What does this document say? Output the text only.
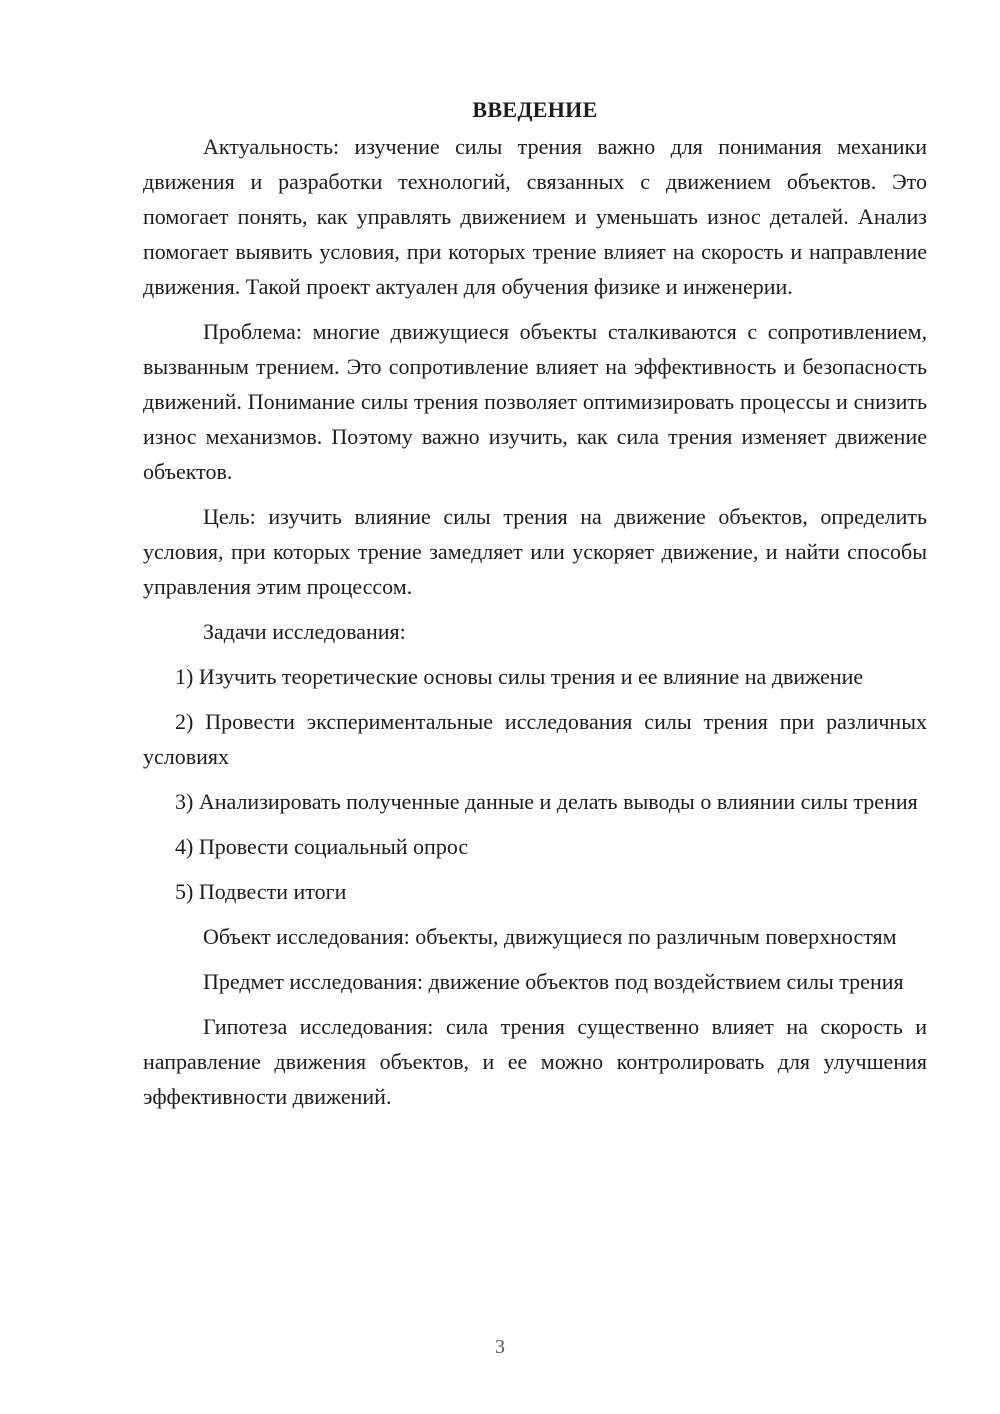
ВВЕДЕНИЕ

Актуальность: изучение силы трения важно для понимания механики движения и разработки технологий, связанных с движением объектов. Это помогает понять, как управлять движением и уменьшать износ деталей. Анализ помогает выявить условия, при которых трение влияет на скорость и направление движения. Такой проект актуален для обучения физике и инженерии.

Проблема: многие движущиеся объекты сталкиваются с сопротивлением, вызванным трением. Это сопротивление влияет на эффективность и безопасность движений. Понимание силы трения позволяет оптимизировать процессы и снизить износ механизмов. Поэтому важно изучить, как сила трения изменяет движение объектов.

Цель: изучить влияние силы трения на движение объектов, определить условия, при которых трение замедляет или ускоряет движение, и найти способы управления этим процессом.

Задачи исследования:

1) Изучить теоретические основы силы трения и ее влияние на движение

2) Провести экспериментальные исследования силы трения при различных условиях

3) Анализировать полученные данные и делать выводы о влиянии силы трения

4) Провести социальный опрос

5) Подвести итоги

Объект исследования: объекты, движущиеся по различным поверхностям

Предмет исследования: движение объектов под воздействием силы трения

Гипотеза исследования: сила трения существенно влияет на скорость и направление движения объектов, и ее можно контролировать для улучшения эффективности движений.

3
